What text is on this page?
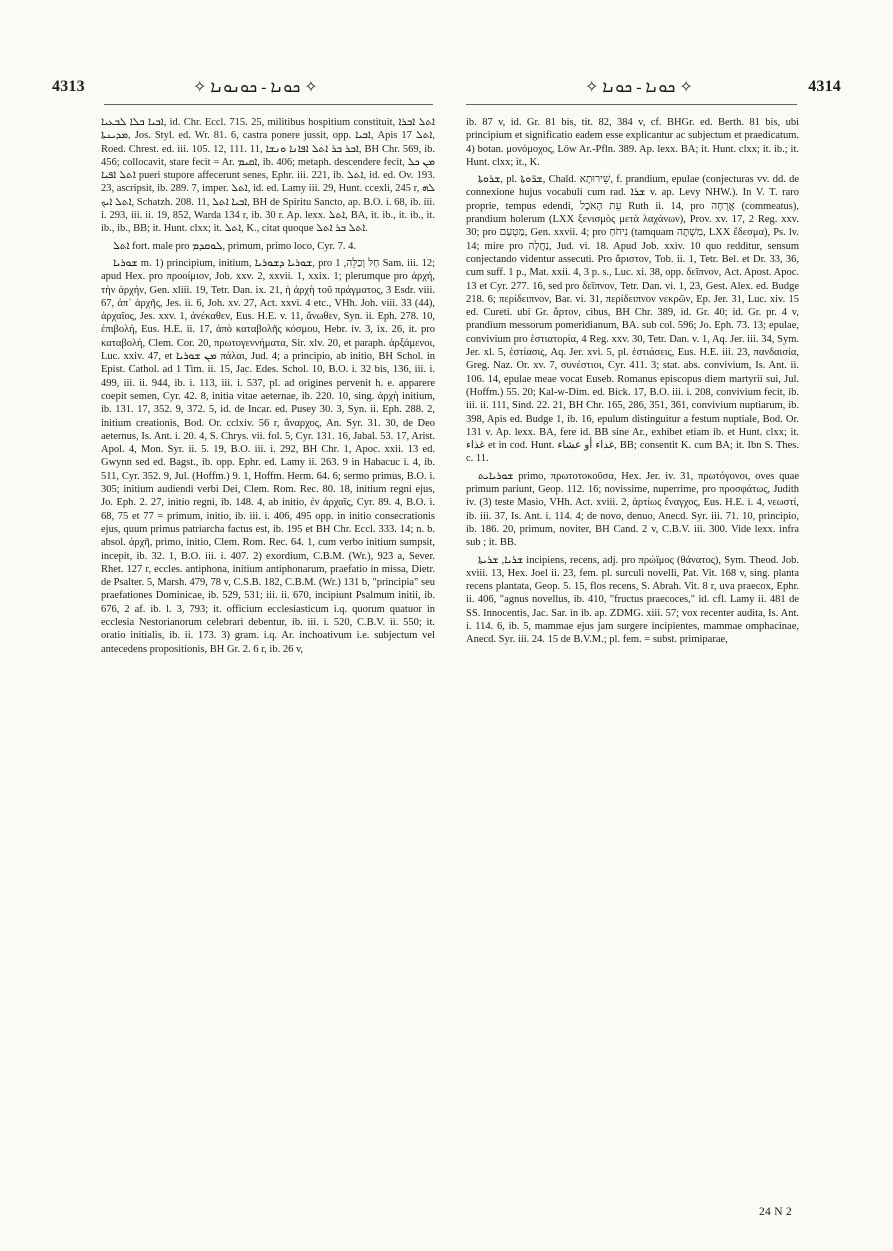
4313	✧ ܟܘܢܐ - ܟܘܢܘܢܐ ✧	✧ ܟܘܢܐ - ܟܘܢܐ ✧	4314

ܐܒܝܐ ܒܠܐ ܠܒܥܝܐ, id. Chr. Eccl. 715. 25, militibus hospitium constituit, ܐܬܠ ܐܒܪܐ ܡܕܝܢܬܐ, Jos. Styl. ed. Wr. 81. 6, castra ponere jussit, opp. ܐܒܝܐ, Apis ܐܬܠ 17, Roed. Chrest. ed. iii. 105. 12, 111. 11, ܐܒܪ ܒܪ ܐܬܠ ܐܦܐܢܐ ܘܢܫܐ, BH Chr. 569, ib. 456; collocavit, stare fecit = Ar. ܐܩܝܡ, ib. 406; metaph. descendere fecit, ܡܢ ܟܠ ܐܬܠ ܐܦܝܐ pueri stupore affecerunt senes, Ephr. iii. 221, ib. ܐܬܠ, id. ed. Ov. 193. 23, ascripsit, ib. 289. 7, imper. ܐܬܠ, id. ed. Lamy iii. 29, Hunt. ccexli, 245 r, ܠܗ ܐܬܠ ܐܝܟ, Schatzh. 208. 11, ܐܒܝܐ ܐܬܠ, BH de Spiritu Sancto, ap. B.O. i. 68, ib. iii. i. 293, iii. ii. 19, 852, Warda 134 r, ib. 30 r. Ap. lexx. ܐܬܠ, BA, it. ib., it. ib., it. ib., ib., BB; it. Hunt. clxx; it. ܐܬܠ, K., citat quoque ܐܬܠ ܒܪ ܐܬܠ.

ܐܬܠ fort. male pro ܠܘܩܕܡ, primum, primo loco, Cyr. 7. 4.

ܫܘܪܝܐ m. 1) principium, initium, ܫܘܪܝܐ ܕܫܘܪܝܐ, pro חַלּ וְכַלֵּה, 1 Sam. iii. 12; apud Hex. pro προοίμιον, Job. xxv. 2, xxvii. 1, xxix. 1; plerumque pro ἀρχή, τὴν ἀρχήν, Gen. xliii. 19, Tetr. Dan. ix. 21, ἡ ἀρχὴ τοῦ πράγματος, 3 Esdr. viii. 67, ἀπ᾽ ἀρχῆς, Jes. ii. 6, Joh. xv. 27, Act. xxvi. 4 etc., VHh. Joh. viii. 33 (44), ἀρχαῖος, Jes. xxv. 1, ἀνέκαθεν, Eus. H.E. v. 11, ἄνωθεν, Syn. ii. Eph. 278. 10, ἐπιβολή, Eus. H.E. ii. 17, ἀπὸ καταβολῆς κόσμου, Hebr. iv. 3, ix. 26, it. pro καταβολή, Clem. Cor. 20, πρωτογεννήματα, Sir. xlv. 20, et paraph. ἀρξάμενοι, Luc. xxiv. 47, et ܡܢ ܫܘܪܝܐ πάλαι, Jud. 4; a principio, ab initio, BH Schol. in Epist. Cathol. ad 1 Tim. ii. 15, Jac. Edes. Schol. 10, B.O. i. 32 bis, 136, iii. i. 499, iii. ii. 944, ib. i. 113, iii. i. 537, pl. ad origines pervenit h. e. apparere coepit semen, Cyr. 42. 8, initia vitae aeternae, ib. 220. 10, sing. ἀρχὴ initium, ib. 131. 17, 352. 9, 372. 5, id. de Incar. ed. Pusey 30. 3, Syn. ii. Eph. 288. 2, initium creationis, Bod. Or. cclxiv. 56 r, ἄναρχος, An. Syr. 31. 30, de Deo aeternus, Is. Ant. i. 20. 4, S. Chrys. vii. fol. 5, Cyr. 131. 16, Jabal. 53. 17, Arist. Apol. 4, Mon. Syr. ii. 5. 19, B.O. iii. i. 292, BH Chr. 1, Apoc. xxii. 13 ed. Gwynn sed ed. Bagst., ib. opp. Ephr. ed. Lamy ii. 263. 9 in Habacuc i. 4, ib. 511, Cyr. 352. 9, Jul. (Hoffm.) 9. 1, Hoffm. Herm. 64. 6; sermo primus, B.O. i. 305; initium audiendi verbi Dei, Clem. Rom. Rec. 80. 18, initium regni ejus, Jo. Eph. 2. 27, initio regni, ib. 148. 4, ab initio, ἐν ἀρχαῖς, Cyr. 89. 4, B.O. i. 68, 75 et 77 = primum, initio, ib. iii. i. 406, 495 opp. in initio consecrationis ejus, quum primus patriarcha factus est, ib. 195 et BH Chr. Eccl. 333. 14; n. b. absol. ἀρχῆ, primo, initio, Clem. Rom. Rec. 64. 1, cum verbo initium sumpsit, incepit, ib. 32. 1, B.O. iii. i. 407. 2) exordium, C.B.M. (Wr.), 923 a, Sever. Rhet. 127 r, eccles. antiphona, initium antiphonarum, praefatio in missa, Dietr. de Psalter. 5, Marsh. 479, 78 v, C.S.B. 182, C.B.M. (Wr.) 131 b, "principia" seu praefationes Dominicae, ib. 529, 531; iii. ii. 670, incipiunt Psalmum initii, ib. 676, 2 af. ib. l. 3, 793; it. officium ecclesiasticum i.q. quorum quatuor in ecclesia Nestorianorum celebrari debentur, ib. iii. i. 520, C.B.V. ii. 550; it. oratio initialis, ib. ii. 173. 3) gram. i.q. Ar. inchoativum i.e. subjectum vel antecedens propositionis, BH Gr. 2. 6 r, ib. 26 v,

ib. 87 v, id. Gr. 81 bis, tit. 82, 384 v, cf. BHGr. ed. Berth. 81 bis, ubi principium et significatio eadem esse explicantur ac subjectum et praedicatum. 4) botan. μονόμοχος, Löw Ar.-Pfln. 389. Ap. lexx. BA; it. Hunt. clxx; it. ib.; it. Hunt. clxx; it., K.

ܫܪܘܬܐ, pl. ܫܪ̈ܘܬܐ, Chald. שֵׁירוּתָא, f. prandium, epulae (conjecturas vv. dd. de connexione hujus vocabuli cum rad. ܫܪܐ v. ap. Levy NHW.). In V. T. raro proprie, tempus edendi, עֵת הָאֹכֶל Ruth ii. 14, pro אֲרֻחָה (commeatus), prandium holerum (LXX ξενισμὸς μετὰ λαχάνων), Prov. xv. 17, 2 Reg. xxv. 30; pro מַטְעַם, Gen. xxvii. 4; pro נִיחֹחַ (tamquam מִשְׁתֶּה, LXX ἔδεσμα), Ps. lv. 14; mire pro נַחֲלָה, Jud. vi. 18. Apud Job. xxiv. 10 quo redditur, sensum conjectando videntur assecuti. Pro ἄριστον, Tob. ii. 1, Tetr. Bel. et Dr. 33, 36, cum suff. 1 p., Mat. xxii. 4, 3 p. s., Luc. xi. 38, opp. δεῖπνον, Act. Apost. Apoc. 13 et Cyr. 277. 16, sed pro δεῖπνον, Tetr. Dan. vi. 1, 23, Gest. Alex. ed. Budge 218. 6; περίδειπνον, Bar. vi. 31, περίδειπνον νεκρῶν, Ep. Jer. 31, Luc. xiv. 15 ed. Cureti. ubi Gr. ἄρτον, cibus, BH Chr. 389, id. Gr. 40; id. Gr. pr. 4 v, prandium messorum pomeridianum, BA. sub col. 596; Jo. Eph. 73. 13; epulae, convivium pro ἑστιατορία, 4 Reg. xxv. 30, Tetr. Dan. v. 1, Aq. Jer. iii. 34, Sym. Jer. xl. 5, ἑστίασις, Aq. Jer. xvi. 5, pl. ἑστιάσεις, Eus. H.E. iii. 23, πανδαισία, Greg. Naz. Or. xv. 7, συνέστιοι, Cyr. 411. 3; stat. abs. convivium, Is. Ant. ii. 106. 14, epulae meae vocat Euseb. Romanus episcopus diem martyrii sui, Jul. (Hoffm.) 55. 20; Kal-w-Dim. ed. Bick. 17, B.O. iii. i. 208, convivium fecit, ib. iii. ii. 111, Sind. 22. 21, BH Chr. 165, 286, 351, 361, convivium nuptiarum, ib. 398, Apis ed. Budge 1, ib. 16, epulum distinguitur a festum nuptiale, Bod. Or. 131 v. Ap. lexx. BA, fere id. BB sine Ar., exhibet etiam ib. et Hunt. clxx; it. غذاء et in cod. Hunt. غداء أو عشاء, BB; consentit K. cum BA; it. Ibn S. Thes. c. 11.

ܫܘܪܝܐܝܬ primo, πρωτοτοκοῦσα, Hex. Jer. iv. 31, πρωτόγονοι, oves quae primum pariunt, Geop. 112. 16; novissime, nuperrime, pro προσφάτως, Judith iv. (3) teste Masio, VHh. Act. xviii. 2, ἀρτίως ἔναγχος, Eus. H.E. i. 4, νεωστί, ib. iii. 37, Is. Ant. i. 114. 4; de novo, denuo, Anecd. Syr. iii. 71. 10, principio, ib. 186. 20, primum, noviter, BH Cand. 2 v, C.B.V. iii. 300. Vide lexx. infra sub ; it. BB.

ܫܪܝܐ, ܫܪܝܬܐ incipiens, recens, adj. pro πρώϊμος (θάνατος), Sym. Theod. Job. xviii. 13, Hex. Joel ii. 23, fem. pl. surculi novelli, Pat. Vit. 168 v, sing. planta recens plantata, Geop. 5. 15, flos recens, S. Abrah. Vit. 8 r, uva praecox, Ephr. ii. 406, "agnus novellus, ib. 410, "fructus praecoces," id. cfl. Lamy ii. 481 de SS. Innocentis, Jac. Sar. in ib. ap. ZDMG. xiii. 57; vox recenter audita, Is. Ant. i. 114. 6, ib. 5, mammae ejus jam surgere incipientes, mammae omphacinae, Anecd. Syr. iii. 24. 15 de B.V.M.; pl. fem. = subst. primiparae,

24 N 2
